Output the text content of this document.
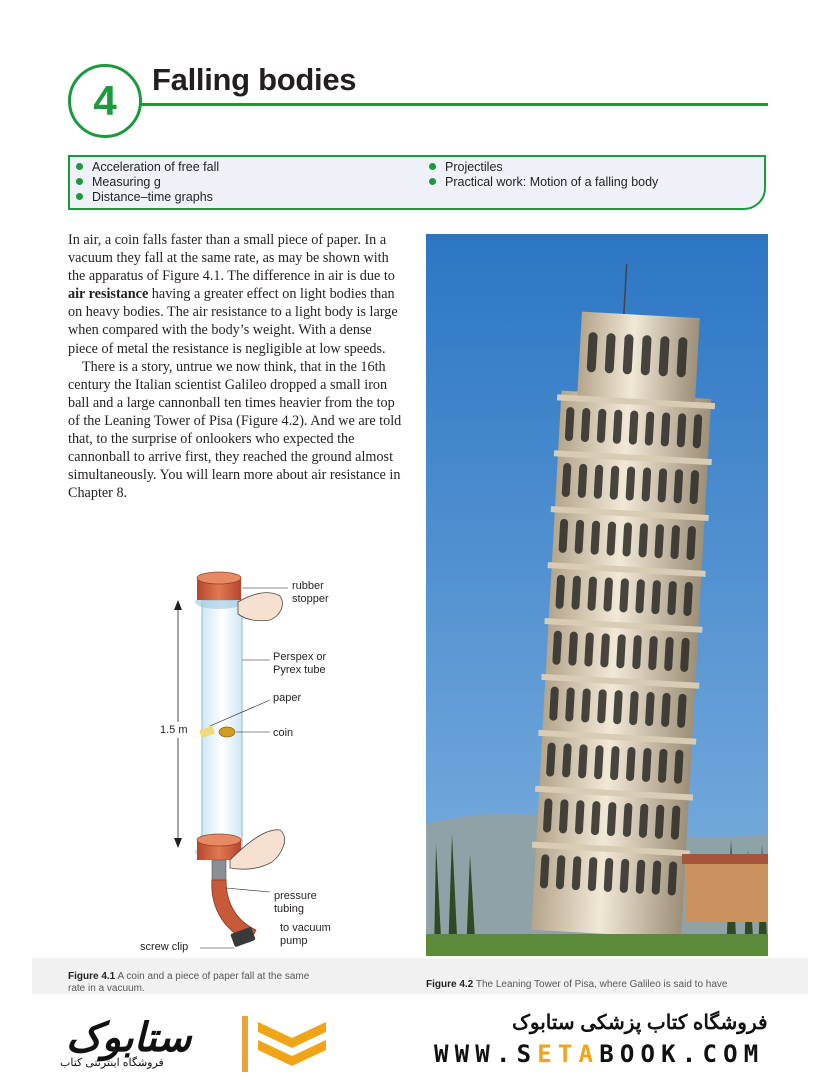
4	Falling bodies
Acceleration of free fall
Measuring g
Distance–time graphs
Projectiles
Practical work: Motion of a falling body

In air, a coin falls faster than a small piece of paper. In a vacuum they fall at the same rate, as may be shown with the apparatus of Figure 4.1. The difference in air is due to air resistance having a greater effect on light bodies than on heavy bodies. The air resistance to a light body is large when compared with the body’s weight. With a dense piece of metal the resistance is negligible at low speeds.

There is a story, untrue we now think, that in the 16th century the Italian scientist Galileo dropped a small iron ball and a large cannonball ten times heavier from the top of the Leaning Tower of Pisa (Figure 4.2). And we are told that, to the surprise of onlookers who expected the cannonball to arrive first, they reached the ground almost simultaneously. You will learn more about air resistance in Chapter 8.

rubber
stopper
Perspex or
Pyrex tube
paper
coin
1.5 m
pressure
tubing
to vacuum
pump
screw clip
Figure 4.1 A coin and a piece of paper fall at the same
rate in a vacuum.	Figure 4.2 The Leaning Tower of Pisa, where Galileo is said to have
ستابوک
فروشگاه اینترنتی کتاب
فروشگاه کتاب پزشکی ستابوک
WWW.SETABOOK.COM
